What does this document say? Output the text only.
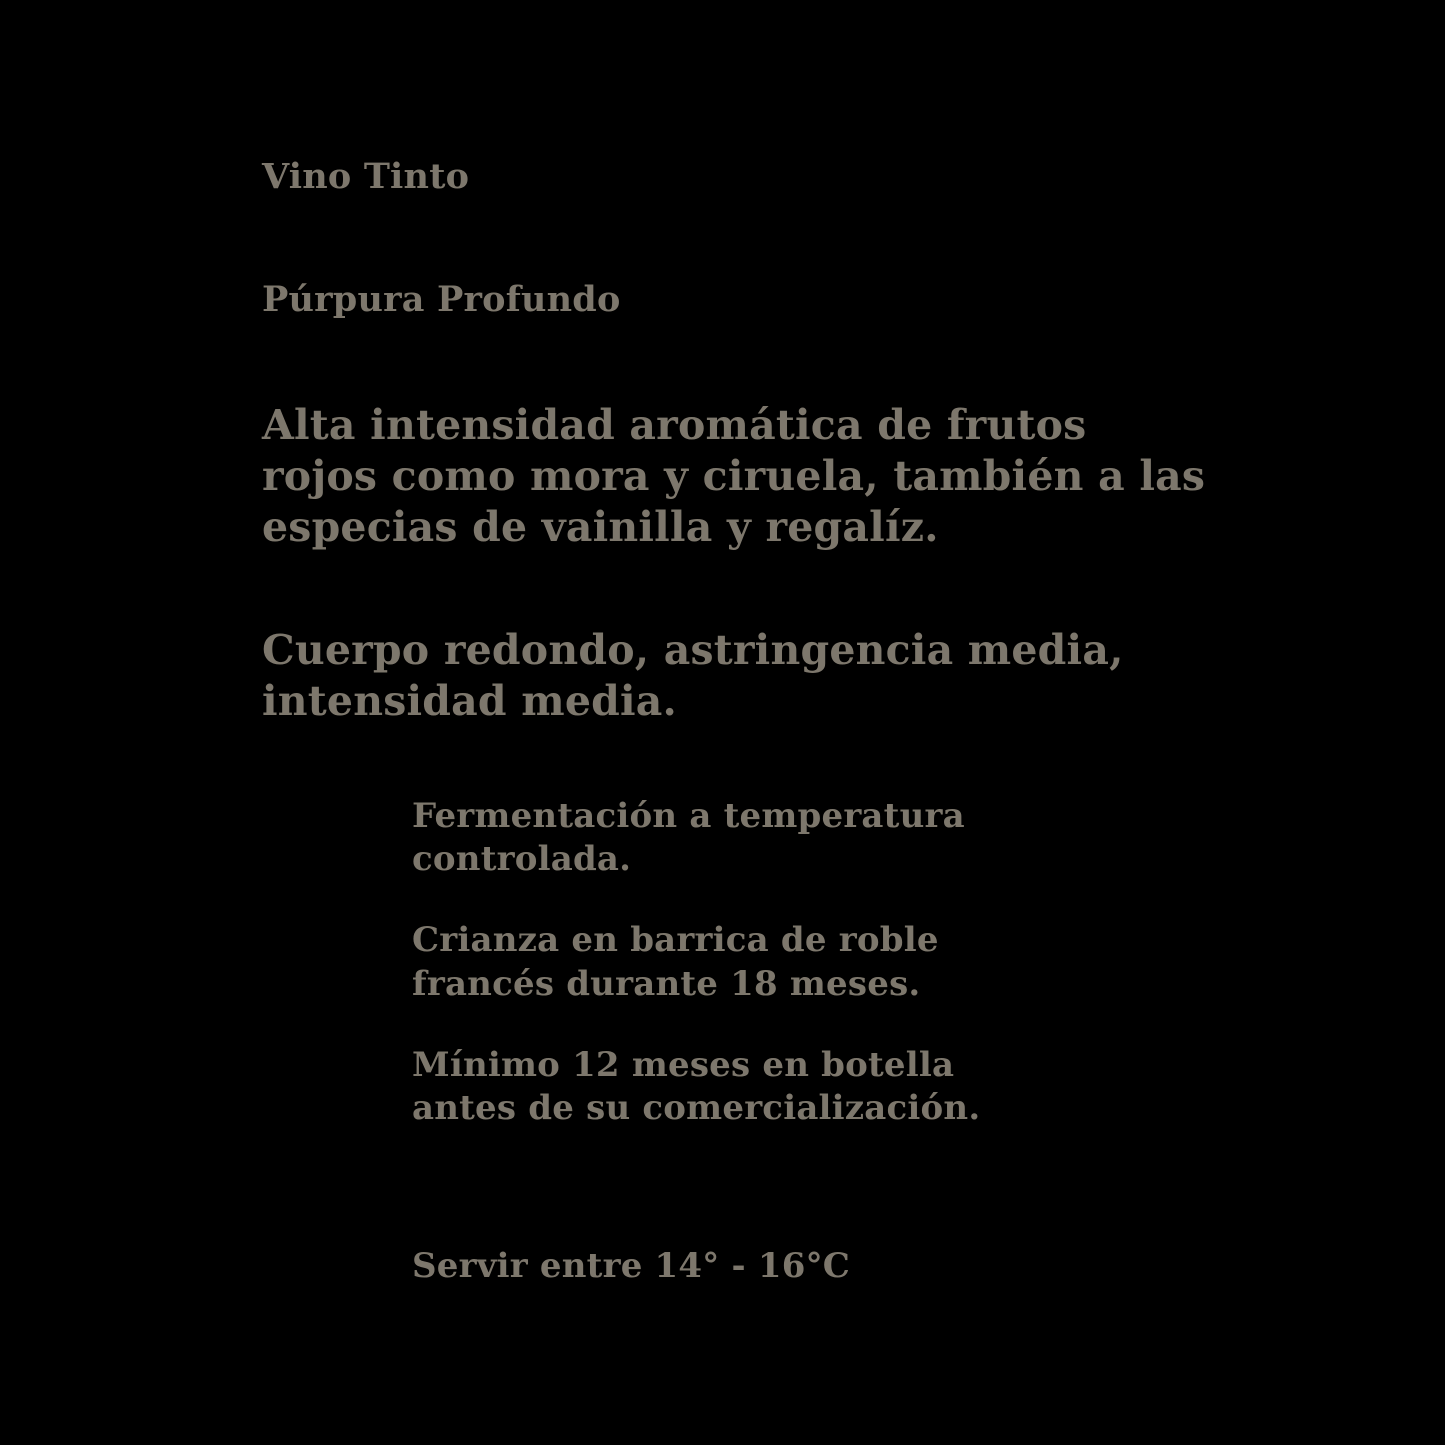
Vino Tinto
Púrpura Profundo
Alta intensidad aromática de frutos rojos como mora y ciruela, también a las especias de vainilla y regalíz.
Cuerpo redondo, astringencia media, intensidad media.
Fermentación a temperatura controlada.
Crianza en barrica de roble francés durante 18 meses.
Mínimo 12 meses en botella antes de su comercialización.
Servir entre 14° - 16°C
